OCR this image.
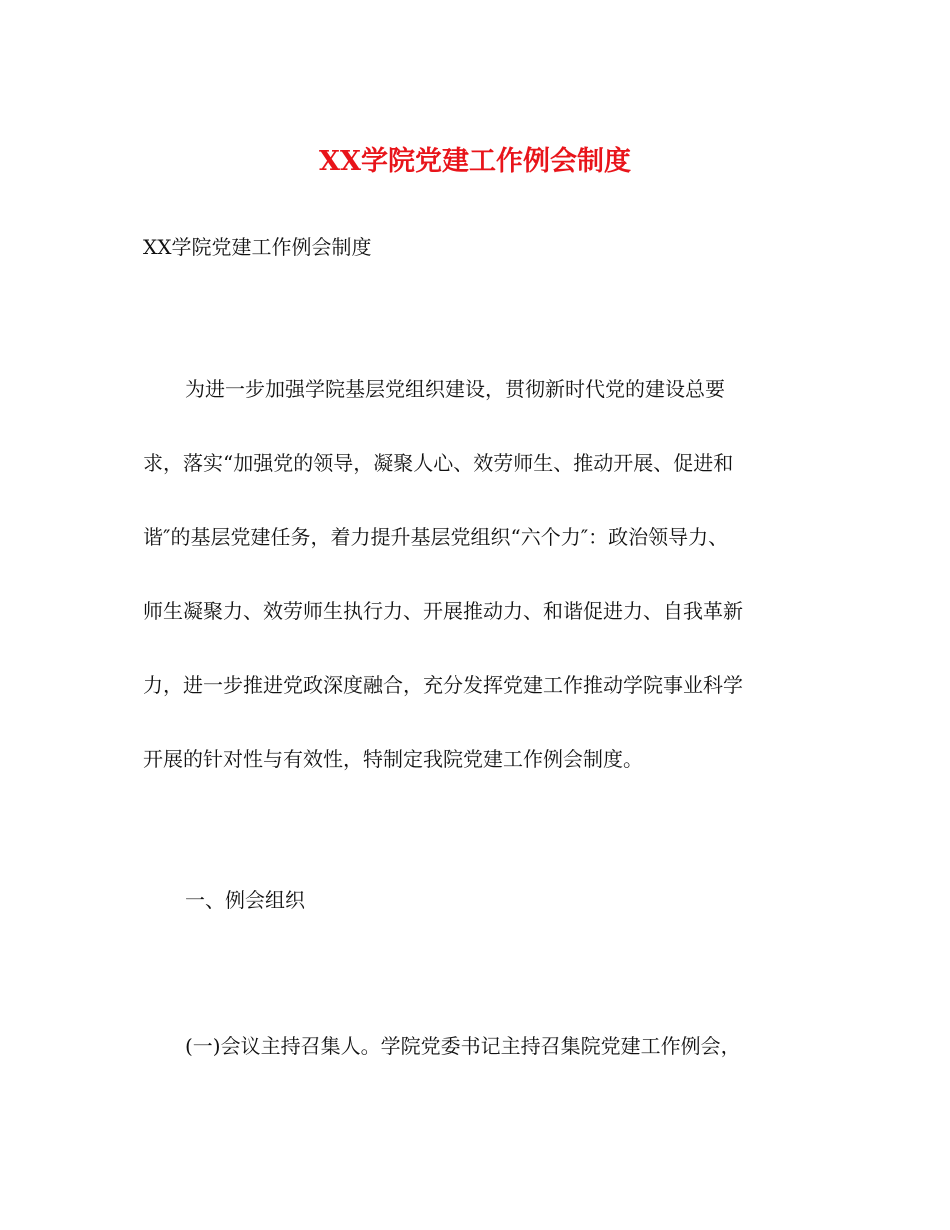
XX学院党建工作例会制度

XX学院党建工作例会制度

为进一步加强学院基层党组织建设，贯彻新时代党的建设总要
求，落实“加强党的领导，凝聚人心、效劳师生、推动开展、促进和
谐″的基层党建任务，着力提升基层党组织“六个力″：政治领导力、
师生凝聚力、效劳师生执行力、开展推动力、和谐促进力、自我革新
力，进一步推进党政深度融合，充分发挥党建工作推动学院事业科学
开展的针对性与有效性，特制定我院党建工作例会制度。

一、例会组织

(一)会议主持召集人。学院党委书记主持召集院党建工作例会，
